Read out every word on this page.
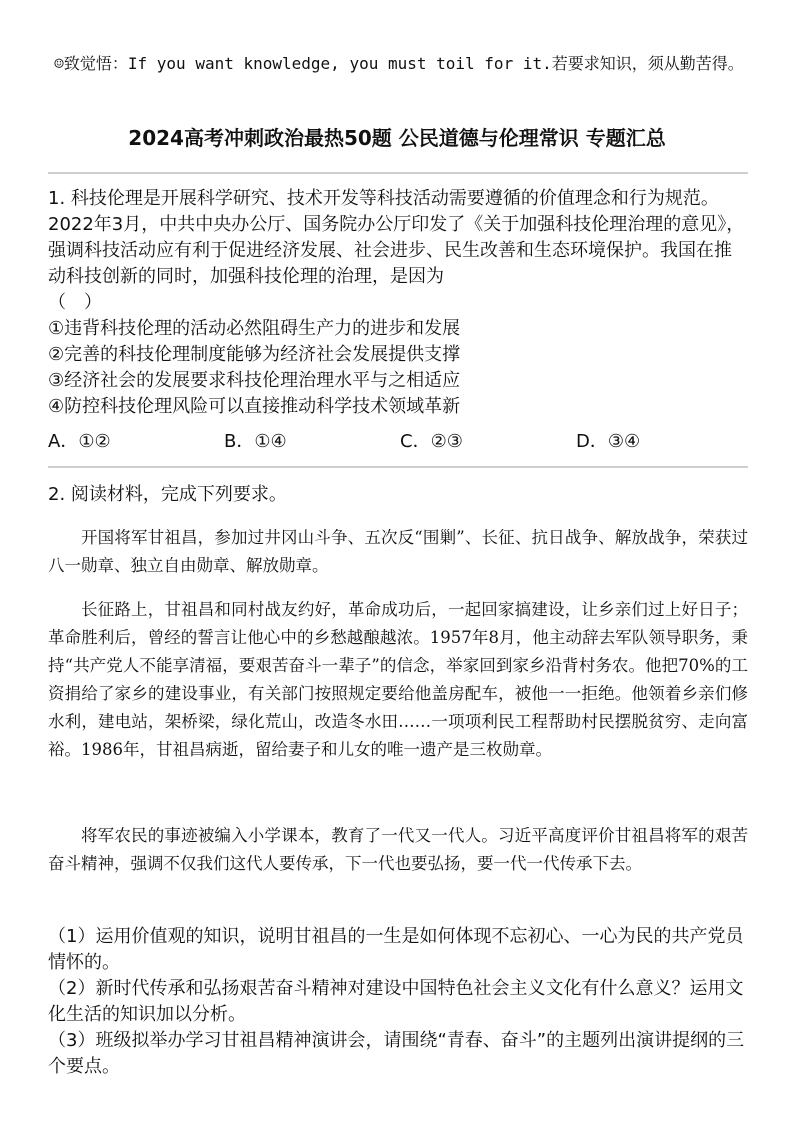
☺致觉悟：If you want knowledge, you must toil for it.若要求知识，须从勤苦得。
2024高考冲刺政治最热50题 公民道德与伦理常识 专题汇总

1. 科技伦理是开展科学研究、技术开发等科技活动需要遵循的价值理念和行为规范。2022年3月，中共中央办公厅、国务院办公厅印发了《关于加强科技伦理治理的意见》，强调科技活动应有利于促进经济发展、社会进步、民生改善和生态环境保护。我国在推动科技创新的同时，加强科技伦理的治理，是因为

（　）

①违背科技伦理的活动必然阻碍生产力的进步和发展

②完善的科技伦理制度能够为经济社会发展提供支撑

③经济社会的发展要求科技伦理治理水平与之相适应

④防控科技伦理风险可以直接推动科学技术领域革新

A．①②	B．①④	C．②③	D．③④
2. 阅读材料，完成下列要求。

开国将军甘祖昌，参加过井冈山斗争、五次反“围剿”、长征、抗日战争、解放战争，荣获过八一勋章、独立自由勋章、解放勋章。

长征路上，甘祖昌和同村战友约好，革命成功后，一起回家搞建设，让乡亲们过上好日子；革命胜利后，曾经的誓言让他心中的乡愁越酿越浓。1957年8月，他主动辞去军队领导职务，秉持“共产党人不能享清福，要艰苦奋斗一辈子”的信念，举家回到家乡沿背村务农。他把70%的工资捐给了家乡的建设事业，有关部门按照规定要给他盖房配车，被他一一拒绝。他领着乡亲们修水利，建电站，架桥梁，绿化荒山，改造冬水田……一项项利民工程帮助村民摆脱贫穷、走向富裕。1986年，甘祖昌病逝，留给妻子和儿女的唯一遗产是三枚勋章。

将军农民的事迹被编入小学课本，教育了一代又一代人。习近平高度评价甘祖昌将军的艰苦奋斗精神，强调不仅我们这代人要传承，下一代也要弘扬，要一代一代传承下去。

（1）运用价值观的知识，说明甘祖昌的一生是如何体现不忘初心、一心为民的共产党员情怀的。

（2）新时代传承和弘扬艰苦奋斗精神对建设中国特色社会主义文化有什么意义？运用文化生活的知识加以分析。

（3）班级拟举办学习甘祖昌精神演讲会，请围绕“青春、奋斗”的主题列出演讲提纲的三个要点。
